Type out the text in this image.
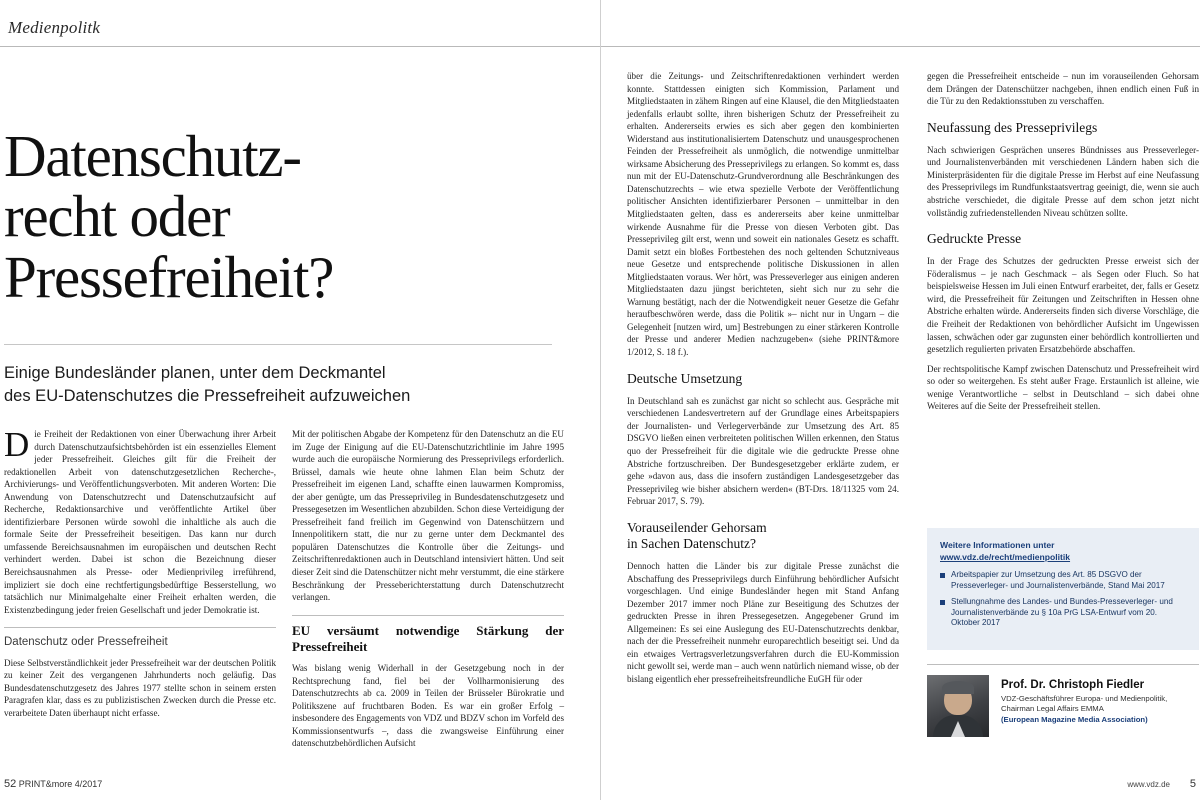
Medienpolitk
Datenschutz-
recht oder
Pressefreiheit?
Einige Bundesländer planen, unter dem Deckmantel
des EU-Datenschutzes die Pressefreiheit aufzuweichen

Die Freiheit der Redaktionen von einer Überwachung ihrer Arbeit durch Datenschutzaufsichtsbehörden ist ein essenzielles Element jeder Pressefreiheit. Gleiches gilt für die Freiheit der redaktionellen Arbeit von datenschutzgesetzlichen Recherche-, Archivierungs- und Veröffentlichungsverboten. Mit anderen Worten: Die Anwendung von Datenschutzrecht und Datenschutzaufsicht auf Recherche, Redaktionsarchive und veröffentlichte Artikel über identifizierbare Personen würde sowohl die inhaltliche als auch die formale Seite der Pressefreiheit beseitigen. Das kann nur durch umfassende Bereichsausnahmen im europäischen und deutschen Recht verhindert werden. Dabei ist schon die Bezeichnung dieser Bereichsausnahmen als Presse- oder Medienprivileg irreführend, impliziert sie doch eine rechtfertigungsbedürftige Besserstellung, wo tatsächlich nur Minimalgehalte einer Freiheit erhalten werden, die Existenzbedingung jeder freien Gesellschaft und jeder Demokratie ist.

Datenschutz oder Pressefreiheit

Diese Selbstverständlichkeit jeder Pressefreiheit war der deutschen Politik zu keiner Zeit des vergangenen Jahrhunderts noch geläufig. Das Bundesdatenschutzgesetz des Jahres 1977 stellte schon in seinem ersten Paragrafen klar, dass es zu publizistischen Zwecken durch die Presse etc. verarbeitete Daten überhaupt nicht erfasse.

Mit der politischen Abgabe der Kompetenz für den Datenschutz an die EU im Zuge der Einigung auf die EU-Datenschutzrichtlinie im Jahre 1995 wurde auch die europäische Normierung des Presseprivilegs erforderlich. Brüssel, damals wie heute ohne lahmen Elan beim Schutz der Pressefreiheit im eigenen Land, schaffte einen lauwarmen Kompromiss, der aber genügte, um das Presseprivileg in Bundesdatenschutzgesetz und Pressegesetzen im Wesentlichen abzubilden. Schon diese Verteidigung der Pressefreiheit fand freilich im Gegenwind von Datenschützern und Innenpolitikern statt, die nur zu gerne unter dem Deckmantel des populären Datenschutzes die Kontrolle über die Zeitungs- und Zeitschriftenredaktionen auch in Deutschland intensiviert hätten. Und seit dieser Zeit sind die Datenschützer nicht mehr verstummt, die eine stärkere Beschränkung der Presseberichterstattung durch Datenschutzrecht verlangen.

EU versäumt notwendige Stärkung der Pressefreiheit

Was bislang wenig Widerhall in der Gesetzgebung noch in der Rechtsprechung fand, fiel bei der Vollharmonisierung des Datenschutzrechts ab ca. 2009 in Teilen der Brüsseler Bürokratie und Politikszene auf fruchtbaren Boden. Es war ein großer Erfolg – insbesondere des Engagements von VDZ und BDZV schon im Vorfeld des Kommissionsentwurfs –, dass die zwangsweise Einführung einer datenschutzbehördlichen Aufsicht

52 PRINT&more 4/2017

über die Zeitungs- und Zeitschriftenredaktionen verhindert werden konnte. Stattdessen einigten sich Kommission, Parlament und Mitgliedstaaten in zähem Ringen auf eine Klausel, die den Mitgliedstaaten jedenfalls erlaubt sollte, ihren bisherigen Schutz der Pressefreiheit zu erhalten. Andererseits erwies es sich aber gegen den kombinierten Widerstand aus institutionalisiertem Datenschutz und unausgesprochenen Feinden der Pressefreiheit als unmöglich, die notwendige unmittelbar wirksame Absicherung des Presseprivilegs zu erlangen. So kommt es, dass nun mit der EU-Datenschutz-Grundverordnung alle Beschränkungen des Datenschutzrechts – wie etwa spezielle Verbote der Veröffentlichung politischer Ansichten identifizierbarer Personen – unmittelbar in den Mitgliedstaaten gelten, dass es andererseits aber keine unmittelbar wirkende Ausnahme für die Presse von diesen Verboten gibt. Das Presseprivileg gilt erst, wenn und soweit ein nationales Gesetz es schafft. Damit setzt ein bloßes Fortbestehen des noch geltenden Schutzniveaus neue Gesetze und entsprechende politische Diskussionen in allen Mitgliedstaaten voraus. Wer hört, was Presseverleger aus einigen anderen Mitgliedstaaten dazu jüngst berichteten, sieht sich nur zu sehr die Warnung bestätigt, nach der die Notwendigkeit neuer Gesetze die Gefahr heraufbeschwören werde, dass die Politik »– nicht nur in Ungarn – die Gelegenheit [nutzen wird, um] Bestrebungen zu einer stärkeren Kontrolle der Presse und anderer Medien nachzugeben« (siehe PRINT&more 1/2012, S. 18 f.).

Deutsche Umsetzung

In Deutschland sah es zunächst gar nicht so schlecht aus. Gespräche mit verschiedenen Landesvertretern auf der Grundlage eines Arbeitspapiers der Journalisten- und Verlegerverbände zur Umsetzung des Art. 85 DSGVO ließen einen verbreiteten politischen Willen erkennen, den Status quo der Pressefreiheit für die digitale wie die gedruckte Presse ohne Abstriche fortzuschreiben. Der Bundesgesetzgeber erklärte zudem, er gehe »davon aus, dass die insofern zuständigen Landesgesetzgeber das Presseprivileg wie bisher absichern werden« (BT-Drs. 18/11325 vom 24. Februar 2017, S. 79).

Vorauseilender Gehorsam
in Sachen Datenschutz?

Dennoch hatten die Länder bis zur digitale Presse zunächst die Abschaffung des Presseprivilegs durch Einführung behördlicher Aufsicht vorgeschlagen. Und einige Bundesländer hegen mit Stand Anfang Dezember 2017 immer noch Pläne zur Beseitigung des Schutzes der gedruckten Presse in ihren Pressegesetzen. Angegebener Grund im Allgemeinen: Es sei eine Auslegung des EU-Datenschutzrechts denkbar, nach der die Pressefreiheit nunmehr europarechtlich beseitigt sei. Und da ein etwaiges Vertragsverletzungsverfahren durch die EU-Kommission nicht gewollt sei, werde man – auch wenn natürlich niemand wisse, ob der bislang eigentlich eher pressefreiheitsfreundliche EuGH für oder

gegen die Pressefreiheit entscheide – nun im vorauseilenden Gehorsam dem Drängen der Datenschützer nachgeben, ihnen endlich einen Fuß in die Tür zu den Redaktionsstuben zu verschaffen.

Neufassung des Presseprivilegs

Nach schwierigen Gesprächen unseres Bündnisses aus Presseverleger- und Journalistenverbänden mit verschiedenen Ländern haben sich die Ministerpräsidenten für die digitale Presse im Herbst auf eine Neufassung des Presseprivilegs im Rundfunkstaatsvertrag geeinigt, die, wenn sie auch abstriche verschiedet, die digitale Presse auf dem schon jetzt nicht vollständig zufriedenstellenden Niveau schützen sollte.

Gedruckte Presse

In der Frage des Schutzes der gedruckten Presse erweist sich der Föderalismus – je nach Geschmack – als Segen oder Fluch. So hat beispielsweise Hessen im Juli einen Entwurf erarbeitet, der, falls er Gesetz wird, die Pressefreiheit für Zeitungen und Zeitschriften in Hessen ohne Abstriche erhalten würde. Andererseits finden sich diverse Vorschläge, die die Freiheit der Redaktionen von behördlicher Aufsicht im Ungewissen lassen, schwächen oder gar zugunsten einer behördlich kontrollierten und gesetzlich regulierten privaten Ersatzbehörde abschaffen.

Der rechtspolitische Kampf zwischen Datenschutz und Pressefreiheit wird so oder so weitergehen. Es steht außer Frage. Erstaunlich ist alleine, wie wenige Verantwortliche – selbst in Deutschland – sich dabei ohne Weiteres auf die Seite der Pressefreiheit stellen.

Weitere Informationen unter
www.vdz.de/recht/medienpolitik
Arbeitspapier zur Umsetzung des Art. 85 DSGVO der Presseverleger- und Journalistenverbände, Stand Mai 2017
Stellungnahme des Landes- und Bundes-Presseverleger- und Journalistenverbände zu § 10a PrG LSA-Entwurf vom 20. Oktober 2017
Prof. Dr. Christoph Fiedler
VDZ-Geschäftsführer Europa- und Medienpolitik,
Chairman Legal Affairs EMMA
(European Magazine Media Association)
www.vdz.de 5
